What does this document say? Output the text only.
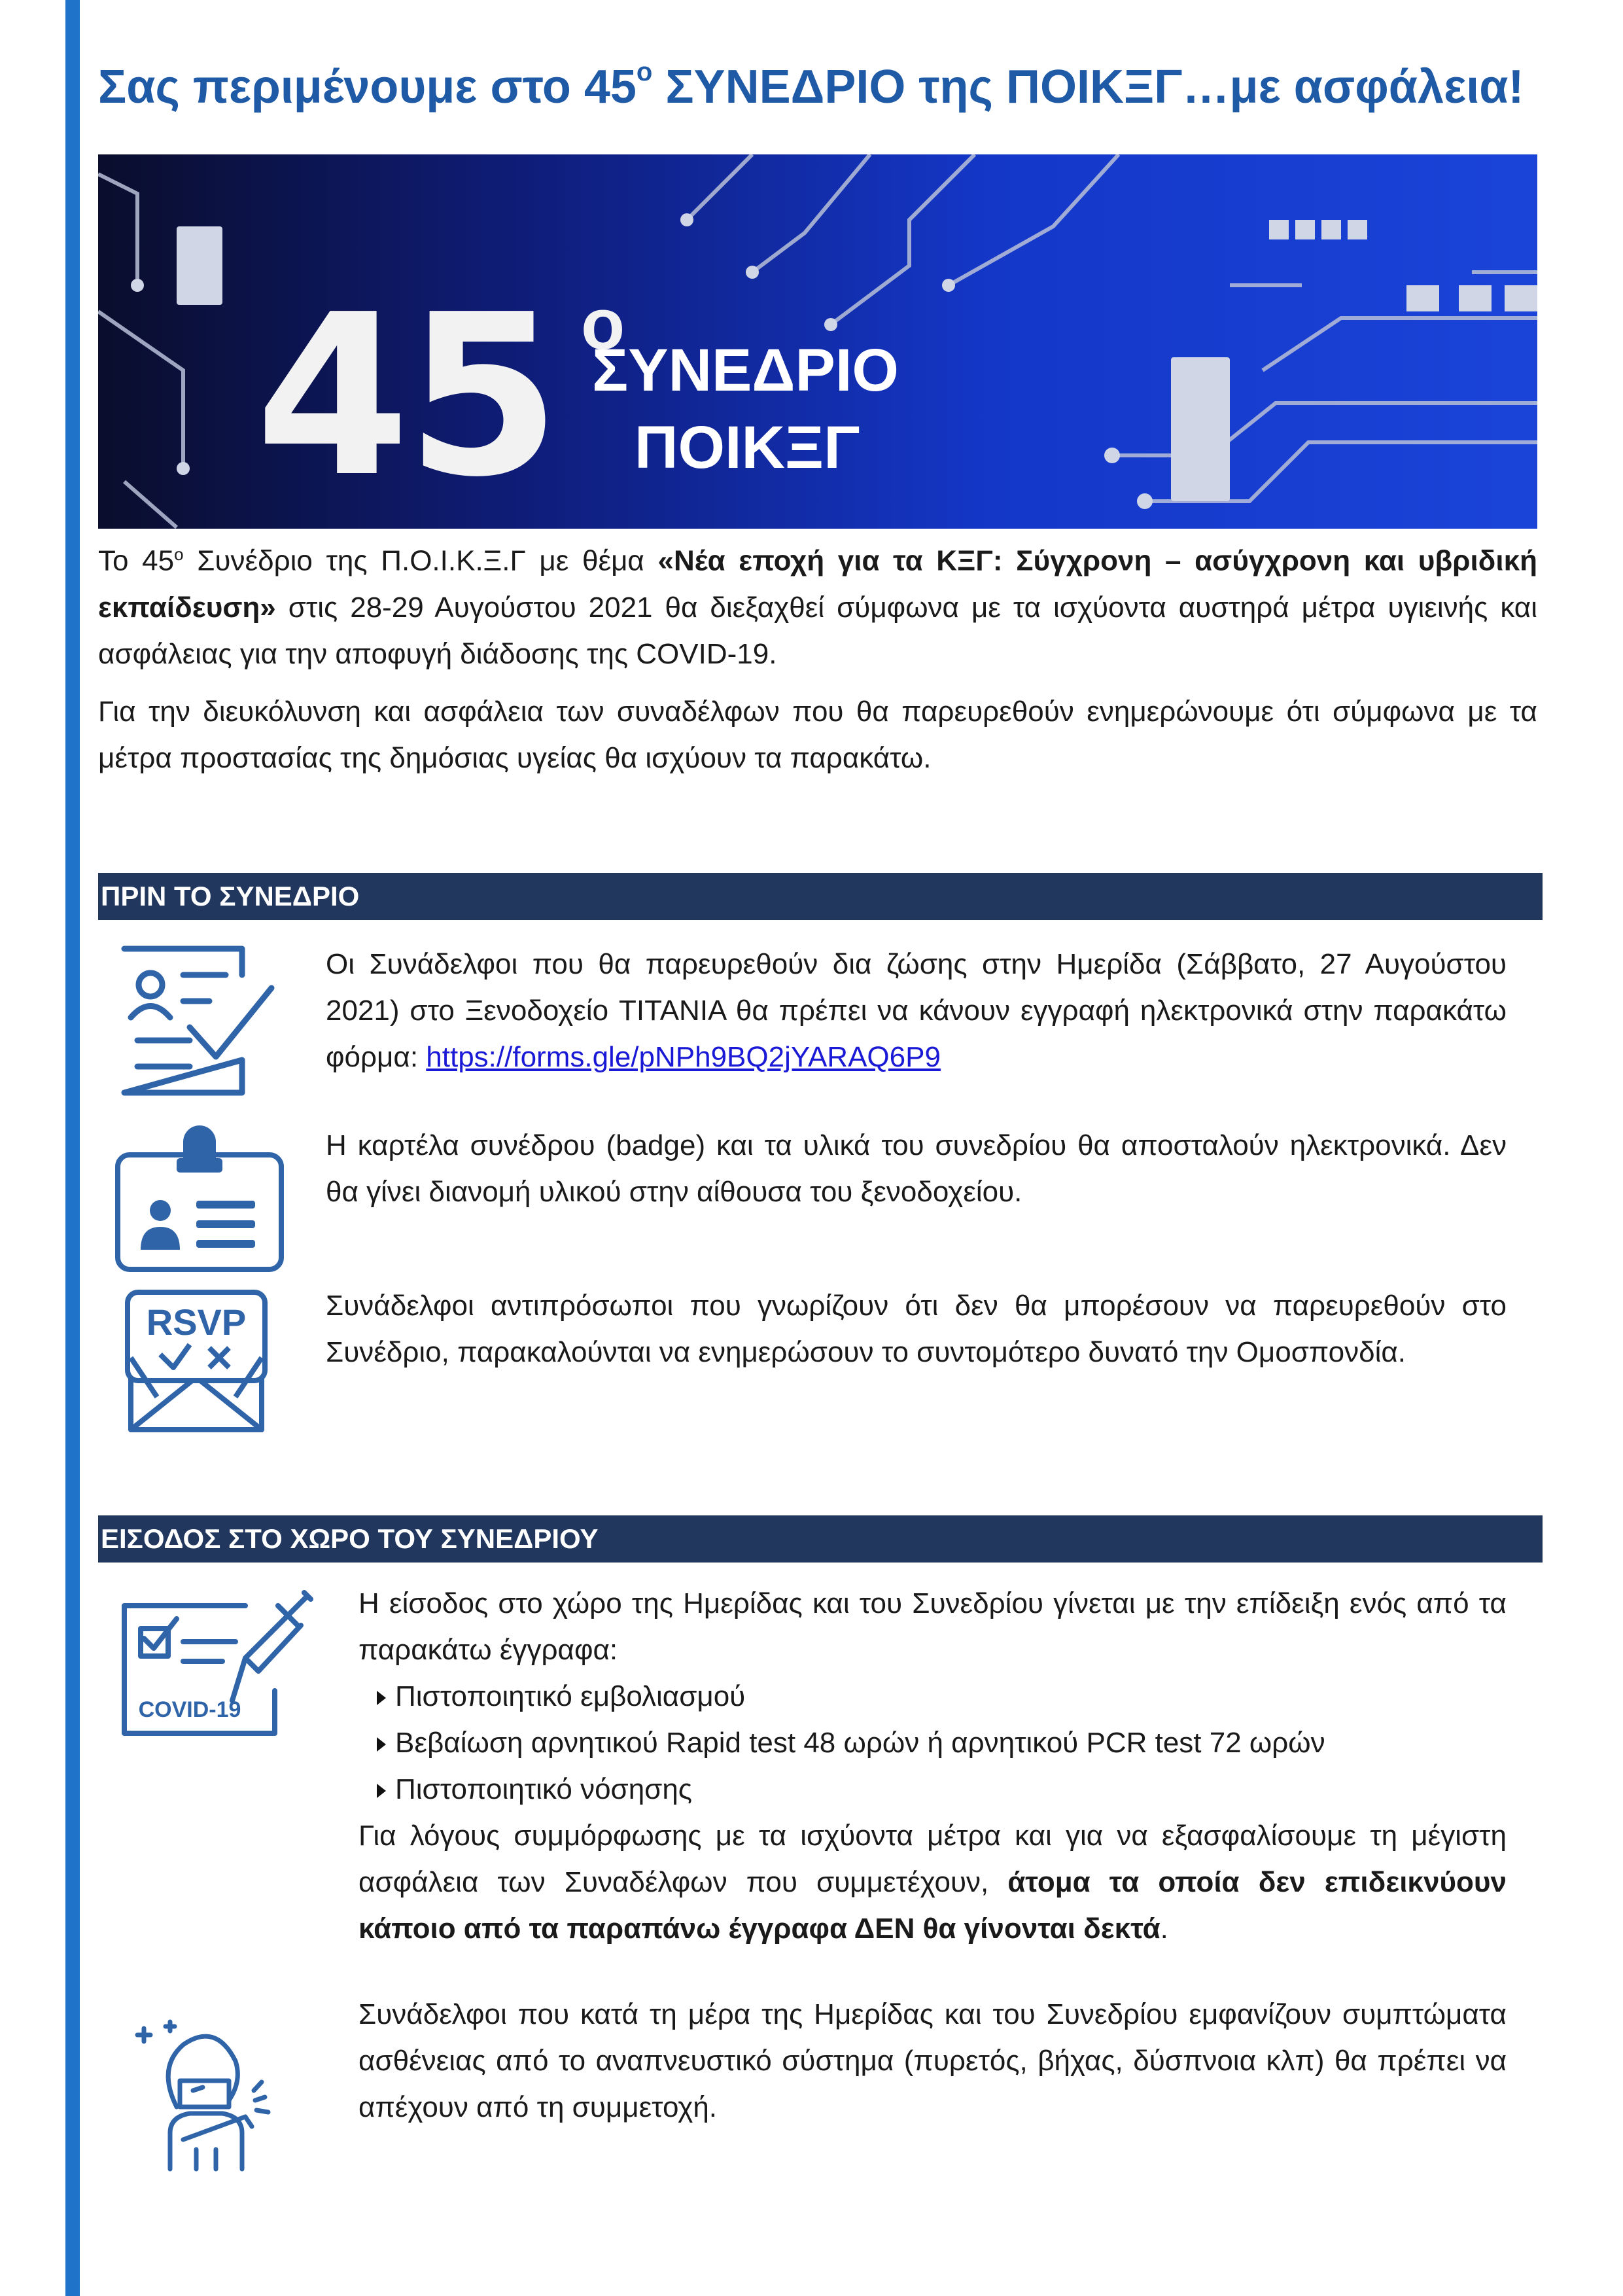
Σας περιμένουμε στο $45^o$ ΣΥΝΕΔΡΙΟ της ΠΟΙΚΞΓ…με ασφάλεια!
45 ο
ΣΥΝΕΔΡΙΟ
ΠΟΙΚΞΓ

Το $45^o$ Συνέδριο της Π.Ο.Ι.Κ.Ξ.Γ με θέμα «Νέα εποχή για τα ΚΞΓ: Σύγχρονη – ασύγχρονη και υβριδική εκπαίδευση» στις 28-29 Αυγούστου 2021 θα διεξαχθεί σύμφωνα με τα ισχύοντα αυστηρά μέτρα υγιεινής και ασφάλειας για την αποφυγή διάδοσης της COVID-19.

Για την διευκόλυνση και ασφάλεια των συναδέλφων που θα παρευρεθούν ενημερώνουμε ότι σύμφωνα με τα μέτρα προστασίας της δημόσιας υγείας θα ισχύουν τα παρακάτω.

ΠΡΙΝ ΤΟ ΣΥΝΕΔΡΙΟ
Οι Συνάδελφοι που θα παρευρεθούν δια ζώσης στην Ημερίδα (Σάββατο, 27 Αυγούστου 2021) στο Ξενοδοχείο TITANIA θα πρέπει να κάνουν εγγραφή ηλεκτρονικά στην παρακάτω φόρμα: https://forms.gle/pNPh9BQ2jYARAQ6P9
Η καρτέλα συνέδρου (badge) και τα υλικά του συνεδρίου θα αποσταλούν ηλεκτρονικά. Δεν θα γίνει διανομή υλικού στην αίθουσα του ξενοδοχείου.
RSVP	Συνάδελφοι αντιπρόσωποι που γνωρίζουν ότι δεν θα μπορέσουν να παρευρεθούν στο Συνέδριο, παρακαλούνται να ενημερώσουν το συντομότερο δυνατό την Ομοσπονδία.
ΕΙΣΟΔΟΣ ΣΤΟ ΧΩΡΟ ΤΟΥ ΣΥΝΕΔΡΙΟΥ
COVID-19
Η είσοδος στο χώρο της Ημερίδας και του Συνεδρίου γίνεται με την επίδειξη ενός από τα παρακάτω έγγραφα:
Πιστοποιητικό εμβολιασμού
Βεβαίωση αρνητικού Rapid test 48 ωρών ή αρνητικού PCR test 72 ωρών
Πιστοποιητικό νόσησης
Για λόγους συμμόρφωσης με τα ισχύοντα μέτρα και για να εξασφαλίσουμε τη μέγιστη ασφάλεια των Συναδέλφων που συμμετέχουν, άτομα τα οποία δεν επιδεικνύουν κάποιο από τα παραπάνω έγγραφα ΔΕΝ θα γίνονται δεκτά.
Συνάδελφοι που κατά τη μέρα της Ημερίδας και του Συνεδρίου εμφανίζουν συμπτώματα ασθένειας από το αναπνευστικό σύστημα (πυρετός, βήχας, δύσπνοια κλπ) θα πρέπει να απέχουν από τη συμμετοχή.
